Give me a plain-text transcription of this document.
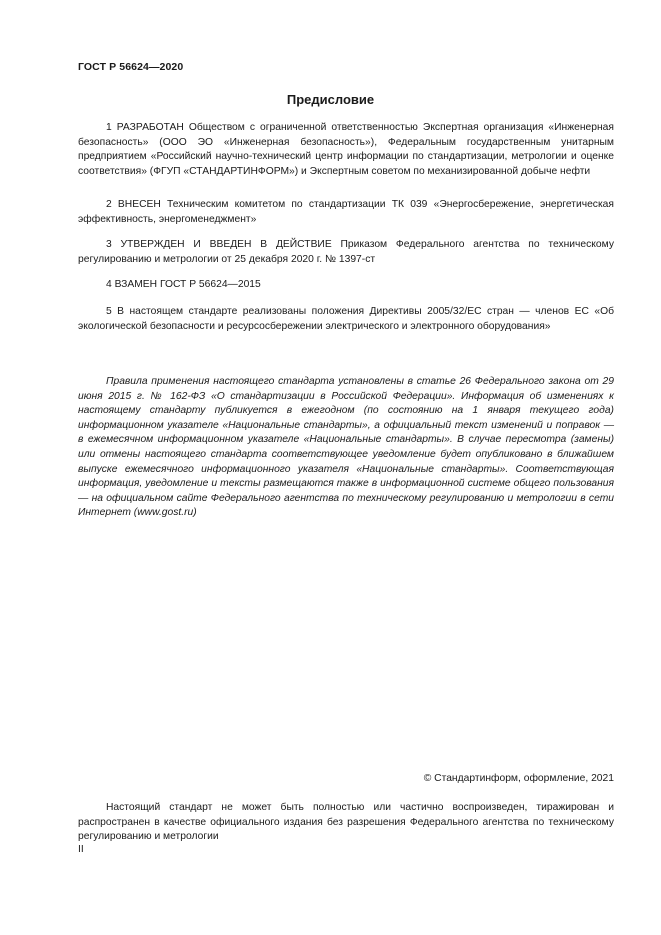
ГОСТ Р 56624—2020
Предисловие

1 РАЗРАБОТАН Обществом с ограниченной ответственностью Экспертная организация «Инженерная безопасность» (ООО ЭО «Инженерная безопасность»), Федеральным государственным унитарным предприятием «Российский научно-технический центр информации по стандартизации, метрологии и оценке соответствия» (ФГУП «СТАНДАРТИНФОРМ») и Экспертным советом по механизированной добыче нефти

2 ВНЕСЕН Техническим комитетом по стандартизации ТК 039 «Энергосбережение, энергетическая эффективность, энергоменеджмент»

3 УТВЕРЖДЕН И ВВЕДЕН В ДЕЙСТВИЕ Приказом Федерального агентства по техническому регулированию и метрологии от 25 декабря 2020 г. № 1397-ст

4 ВЗАМЕН ГОСТ Р 56624—2015

5 В настоящем стандарте реализованы положения Директивы 2005/32/ЕС стран — членов ЕС «Об экологической безопасности и ресурсосбережении электрического и электронного оборудования»

Правила применения настоящего стандарта установлены в статье 26 Федерального закона от 29 июня 2015 г. № 162-ФЗ «О стандартизации в Российской Федерации». Информация об изменениях к настоящему стандарту публикуется в ежегодном (по состоянию на 1 января текущего года) информационном указателе «Национальные стандарты», а официальный текст изменений и поправок — в ежемесячном информационном указателе «Национальные стандарты». В случае пересмотра (замены) или отмены настоящего стандарта соответствующее уведомление будет опубликовано в ближайшем выпуске ежемесячного информационного указателя «Национальные стандарты». Соответствующая информация, уведомление и тексты размещаются также в информационной системе общего пользования — на официальном сайте Федерального агентства по техническому регулированию и метрологии в сети Интернет (www.gost.ru)

© Стандартинформ, оформление, 2021

Настоящий стандарт не может быть полностью или частично воспроизведен, тиражирован и распространен в качестве официального издания без разрешения Федерального агентства по техническому регулированию и метрологии

II
